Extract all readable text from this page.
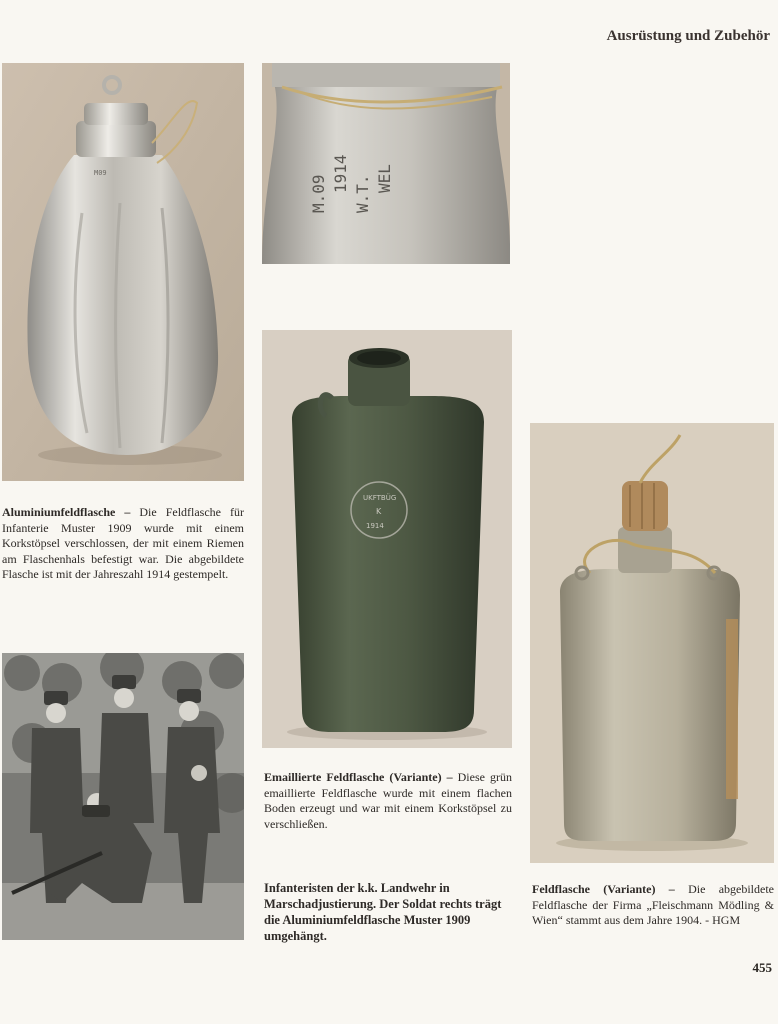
Ausrüstung und Zubehör
M09
M.09
1914
W.T. WEL
UKFTBÜG
K
1914
Aluminiumfeldflasche – Die Feldflasche für Infanterie Muster 1909 wurde mit einem Korkstöpsel verschlossen, der mit einem Riemen am Flaschenhals befestigt war. Die abgebildete Flasche ist mit der Jahreszahl 1914 gestempelt.
Emaillierte Feldflasche (Variante) – Diese grün emaillierte Feldflasche wurde mit einem flachen Boden erzeugt und war mit einem Korkstöpsel zu verschließen.
Infanteristen der k.k. Landwehr in Marschadjustierung. Der Soldat rechts trägt die Aluminiumfeldflasche Muster 1909 umgehängt.
Feldflasche (Variante) – Die abgebildete Feldflasche der Firma „Fleischmann Mödling & Wien“ stammt aus dem Jahre 1904. - HGM
455
